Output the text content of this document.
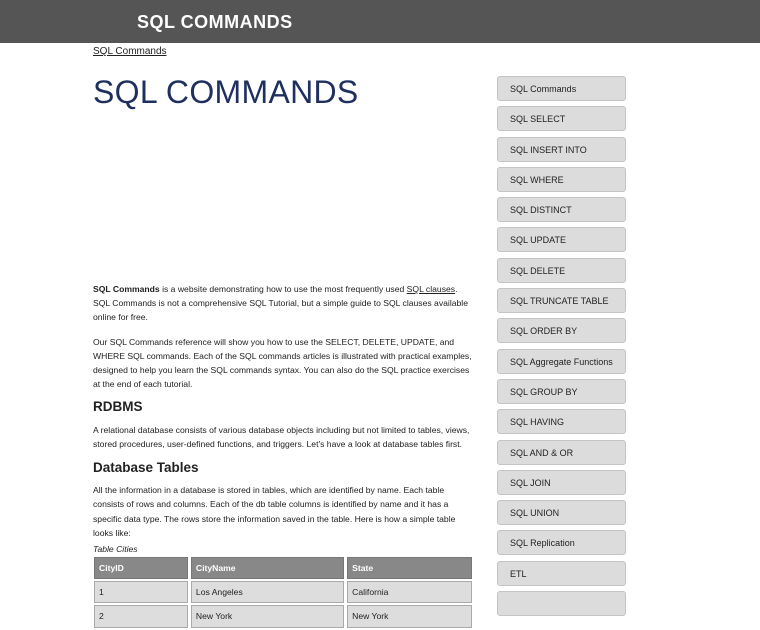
SQL COMMANDS
SQL Commands
SQL COMMANDS

SQL Commands is a website demonstrating how to use the most frequently used SQL clauses. SQL Commands is not a comprehensive SQL Tutorial, but a simple guide to SQL clauses available online for free.

Our SQL Commands reference will show you how to use the SELECT, DELETE, UPDATE, and WHERE SQL commands. Each of the SQL commands articles is illustrated with practical examples, designed to help you learn the SQL commands syntax. You can also do the SQL practice exercises at the end of each tutorial.

RDBMS

A relational database consists of various database objects including but not limited to tables, views, stored procedures, user-defined functions, and triggers. Let's have a look at database tables first.

Database Tables

All the information in a database is stored in tables, which are identified by name. Each table consists of rows and columns. Each of the db table columns is identified by name and it has a specific data type. The rows store the information saved in the table. Here is how a simple table looks like:

Table Cities
CityID	CityName	State
1	Los Angeles	California
2	New York	New York
SQL Commands
SQL SELECT
SQL INSERT INTO
SQL WHERE
SQL DISTINCT
SQL UPDATE
SQL DELETE
SQL TRUNCATE TABLE
SQL ORDER BY
SQL Aggregate Functions
SQL GROUP BY
SQL HAVING
SQL AND & OR
SQL JOIN
SQL UNION
SQL Replication
ETL
